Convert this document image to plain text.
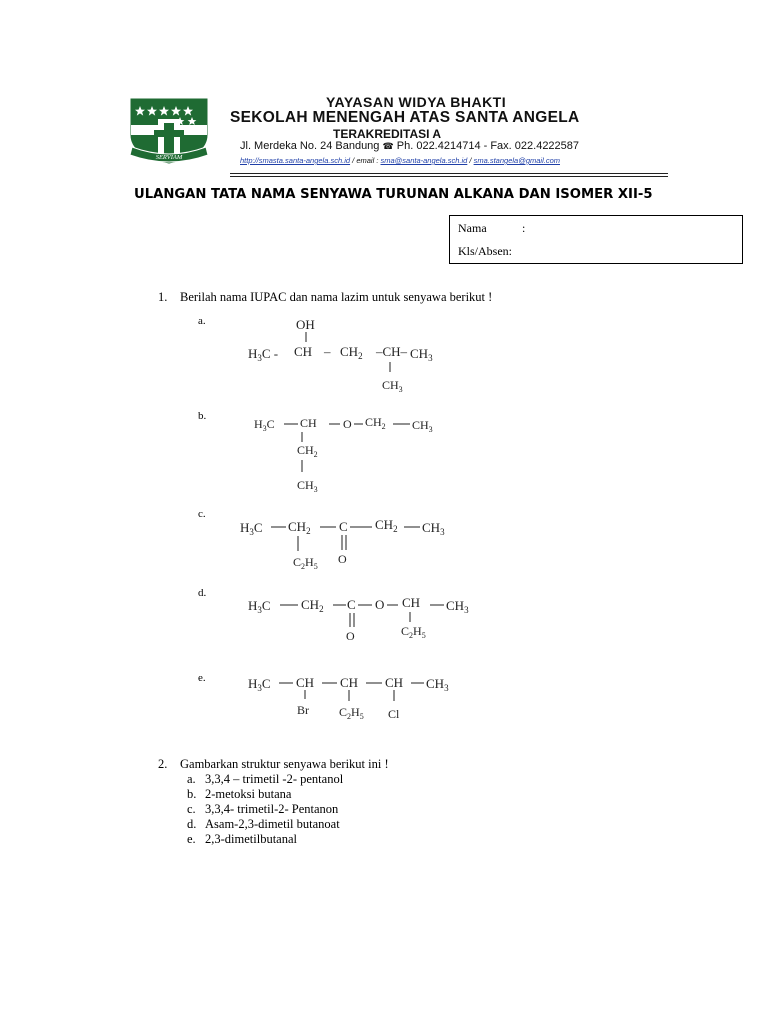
SERVIAM
YAYASAN WIDYA BHAKTI
SEKOLAH MENENGAH ATAS SANTA ANGELA
TERAKREDITASI A
Jl. Merdeka No. 24 Bandung ☎ Ph. 022.4214714 - Fax. 022.4222587
http://smasta.santa-angela.sch.id / email : sma@santa-angela.sch.id / sma.stangela@gmail.com
ULANGAN TATA NAMA SENYAWA TURUNAN ALKANA DAN ISOMER XII-5
Nama	:
Kls/Absen:
1. Berilah nama IUPAC dan nama lazim untuk senyawa berikut !
a.
b.
c.
d.
e.
OH
$H_3C$ - CH – $CH_2$ –CH– $CH_3$
$CH_3$
$H_3C$ CH O $CH_2$ $CH_3$
$CH_2$
$CH_3$
$H_3C$ $CH_2$ C $CH_2$ $CH_3$
O
$C_2H_5$
$H_3C$ $CH_2$ C O CH $CH_3$
O	$C_2H_5$
$H_3C$ CH CH CH $CH_3$
Br	$C_2H_5$ Cl
2. Gambarkan struktur senyawa berikut ini !
a. 3,3,4 – trimetil -2- pentanol
b. 2-metoksi butana
c. 3,3,4- trimetil-2- Pentanon
d. Asam-2,3-dimetil butanoat
e. 2,3-dimetilbutanal
